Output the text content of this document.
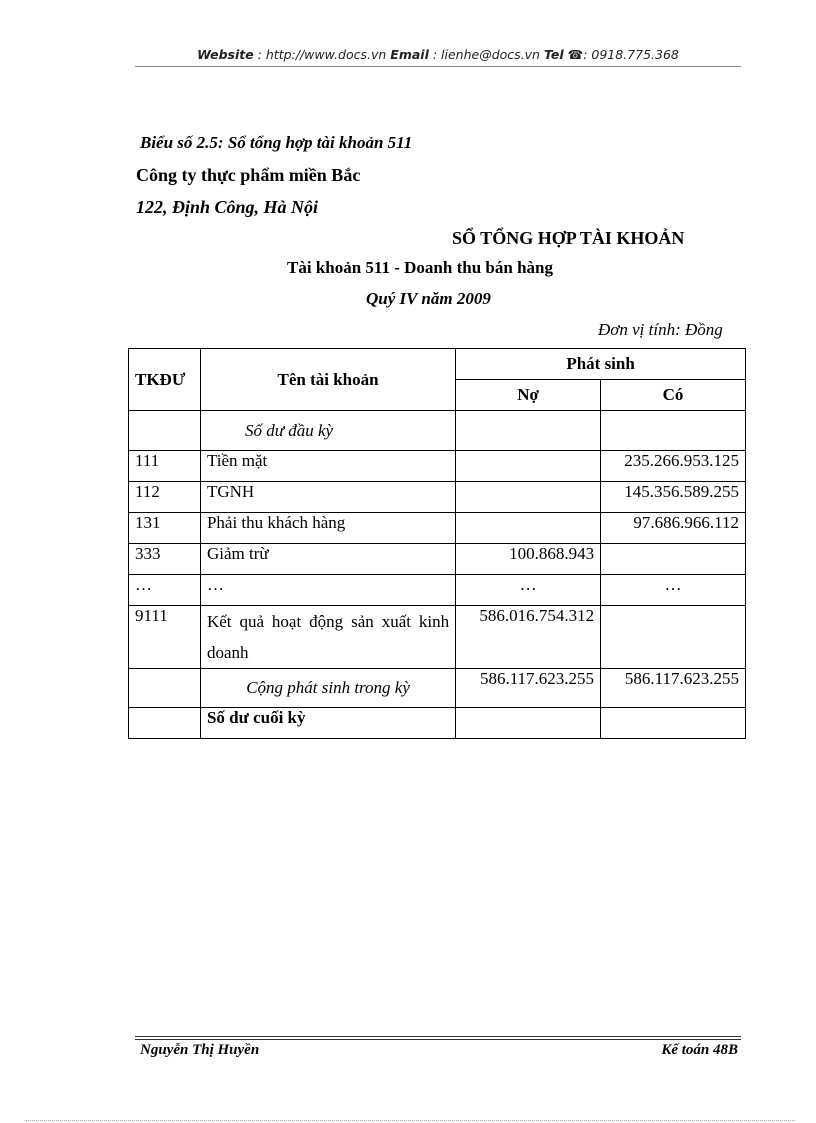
Website : http://www.docs.vn Email : lienhe@docs.vn Tel ☎: 0918.775.368
Biểu số 2.5: Sổ tổng hợp tài khoản 511
Công ty thực phẩm miền Bắc
122, Định Công, Hà Nội
SỔ TỔNG HỢP TÀI KHOẢN
Tài khoản 511 - Doanh thu bán hàng
Quý IV năm 2009
Đơn vị tính: Đồng
TKĐƯ	Tên tài khoản	Phát sinh	
		Nợ	Có
	Số dư đầu kỳ		
111	Tiền mặt		235.266.953.125
112	TGNH		145.356.589.255
131	Phải thu khách hàng		97.686.966.112
333	Giảm trừ	100.868.943	
…	…	…	…
9111	Kết quả hoạt động sản xuất kinh doanh	586.016.754.312	
	Cộng phát sinh trong kỳ	586.117.623.255	586.117.623.255
	Số dư cuối kỳ		
Nguyễn Thị Huyền	Kế toán 48B
